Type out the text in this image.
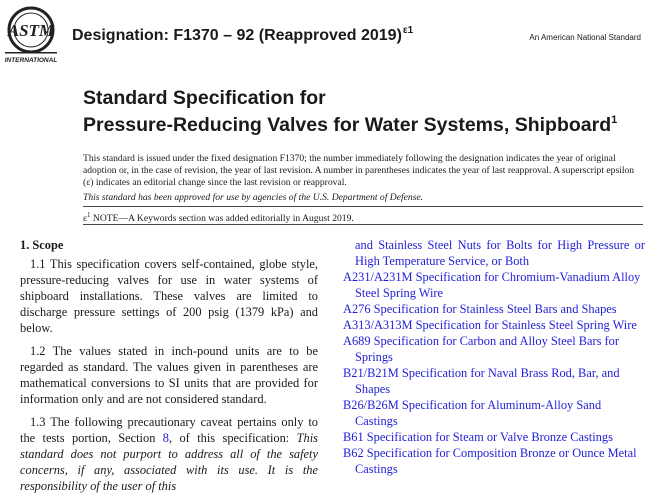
ASTM
INTERNATIONAL
Designation: F1370 – 92 (Reapproved 2019)$^{\varepsilon 1}$
An American National Standard
Standard Specification for
Pressure-Reducing Valves for Water Systems, Shipboard$^1$
This standard is issued under the fixed designation F1370; the number immediately following the designation indicates the year of original adoption or, in the case of revision, the year of last revision. A number in parentheses indicates the year of last reapproval. A superscript epsilon (ε) indicates an editorial change since the last revision or reapproval.
This standard has been approved for use by agencies of the U.S. Department of Defense.
$\varepsilon^1$ NOTE—A Keywords section was added editorially in August 2019.
1. Scope

1.1 This specification covers self-contained, globe style, pressure-reducing valves for use in water systems of shipboard installations. These valves are limited to discharge pressure settings of 200 psig (1379 kPa) and below.

1.2 The values stated in inch-pound units are to be regarded as standard. The values given in parentheses are mathematical conversions to SI units that are provided for information only and are not considered standard.

1.3 The following precautionary caveat pertains only to the tests portion, Section 8, of this specification: This standard does not purport to address all of the safety concerns, if any, associated with its use. It is the responsibility of the user of this

and Stainless Steel Nuts for Bolts for High Pressure or High Temperature Service, or Both
A231/A231M Specification for Chromium-Vanadium Alloy Steel Spring Wire
A276 Specification for Stainless Steel Bars and Shapes
A313/A313M Specification for Stainless Steel Spring Wire
A689 Specification for Carbon and Alloy Steel Bars for Springs
B21/B21M Specification for Naval Brass Rod, Bar, and Shapes
B26/B26M Specification for Aluminum-Alloy Sand Castings
B61 Specification for Steam or Valve Bronze Castings
B62 Specification for Composition Bronze or Ounce Metal Castings
